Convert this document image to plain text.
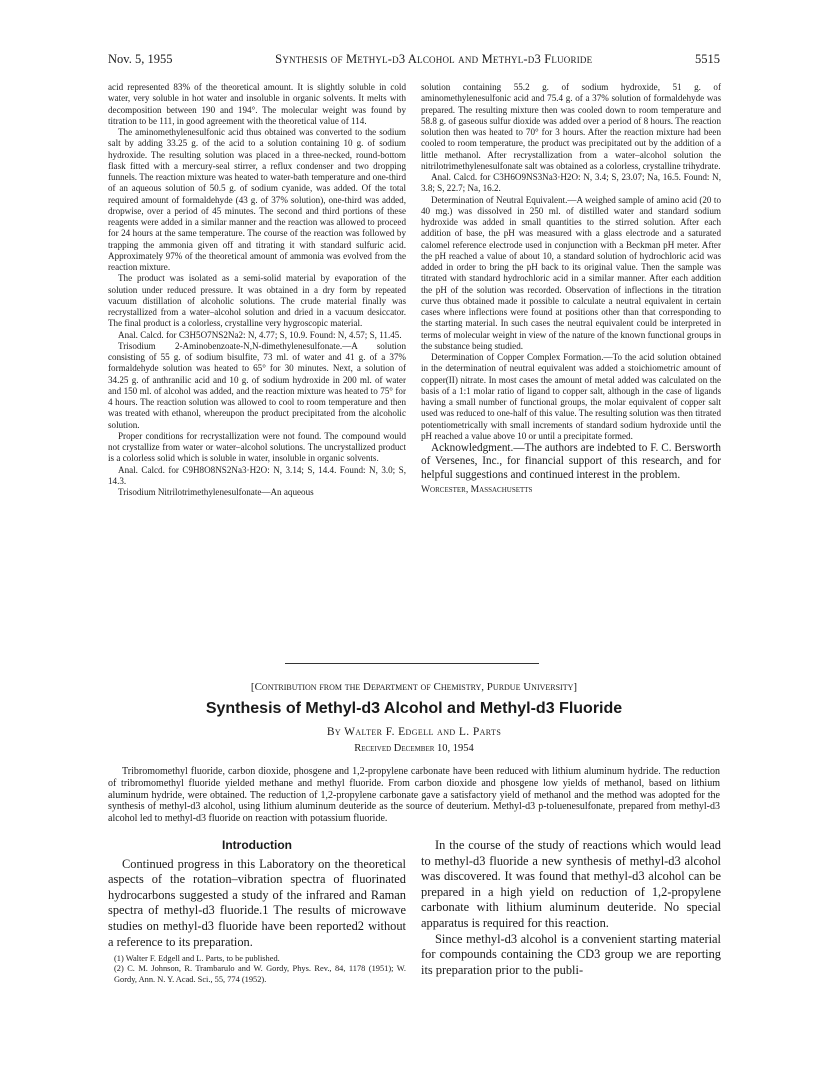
Nov. 5, 1955	Synthesis of Methyl-d3 Alcohol and Methyl-d3 Fluoride	5515

acid represented 83% of the theoretical amount. It is slightly soluble in cold water, very soluble in hot water and insoluble in organic solvents. It melts with decomposition between 190 and 194°. The molecular weight was found by titration to be 111, in good agreement with the theoretical value of 114.

The aminomethylenesulfonic acid thus obtained was converted to the sodium salt by adding 33.25 g. of the acid to a solution containing 10 g. of sodium hydroxide. The resulting solution was placed in a three-necked, round-bottom flask fitted with a mercury-seal stirrer, a reflux condenser and two dropping funnels. The reaction mixture was heated to water-bath temperature and one-third of an aqueous solution of 50.5 g. of sodium cyanide, was added. Of the total required amount of formaldehyde (43 g. of 37% solution), one-third was added, dropwise, over a period of 45 minutes. The second and third portions of these reagents were added in a similar manner and the reaction was allowed to proceed for 24 hours at the same temperature. The course of the reaction was followed by trapping the ammonia given off and titrating it with standard sulfuric acid. Approximately 97% of the theoretical amount of ammonia was evolved from the reaction mixture.

The product was isolated as a semi-solid material by evaporation of the solution under reduced pressure. It was obtained in a dry form by repeated vacuum distillation of alcoholic solutions. The crude material finally was recrystallized from a water–alcohol solution and dried in a vacuum desiccator. The final product is a colorless, crystalline very hygroscopic material.

Anal. Calcd. for C3H5O7NS2Na2: N, 4.77; S, 10.9. Found: N, 4.57; S, 11.45.

Trisodium 2-Aminobenzoate-N,N-dimethylenesulfonate.—A solution consisting of 55 g. of sodium bisulfite, 73 ml. of water and 41 g. of a 37% formaldehyde solution was heated to 65° for 30 minutes. Next, a solution of 34.25 g. of anthranilic acid and 10 g. of sodium hydroxide in 200 ml. of water and 150 ml. of alcohol was added, and the reaction mixture was heated to 75° for 4 hours. The reaction solution was allowed to cool to room temperature and then was treated with ethanol, whereupon the product precipitated from the alcoholic solution.

Proper conditions for recrystallization were not found. The compound would not crystallize from water or water–alcohol solutions. The uncrystallized product is a colorless solid which is soluble in water, insoluble in organic solvents.

Anal. Calcd. for C9H8O8NS2Na3·H2O: N, 3.14; S, 14.4. Found: N, 3.0; S, 14.3.

Trisodium Nitrilotrimethylenesulfonate—An aqueous

solution containing 55.2 g. of sodium hydroxide, 51 g. of aminomethylenesulfonic acid and 75.4 g. of a 37% solution of formaldehyde was prepared. The resulting mixture then was cooled down to room temperature and 58.8 g. of gaseous sulfur dioxide was added over a period of 8 hours. The reaction solution then was heated to 70° for 3 hours. After the reaction mixture had been cooled to room temperature, the product was precipitated out by the addition of a little methanol. After recrystallization from a water–alcohol solution the nitrilotrimethylenesulfonate salt was obtained as a colorless, crystalline trihydrate.

Anal. Calcd. for C3H6O9NS3Na3·H2O: N, 3.4; S, 23.07; Na, 16.5. Found: N, 3.8; S, 22.7; Na, 16.2.

Determination of Neutral Equivalent.—A weighed sample of amino acid (20 to 40 mg.) was dissolved in 250 ml. of distilled water and standard sodium hydroxide was added in small quantities to the stirred solution. After each addition of base, the pH was measured with a glass electrode and a saturated calomel reference electrode used in conjunction with a Beckman pH meter. After the pH reached a value of about 10, a standard solution of hydrochloric acid was added in order to bring the pH back to its original value. Then the sample was titrated with standard hydrochloric acid in a similar manner. After each addition the pH of the solution was recorded. Observation of inflections in the titration curve thus obtained made it possible to calculate a neutral equivalent in certain cases where inflections were found at positions other than that corresponding to the starting material. In such cases the neutral equivalent could be interpreted in terms of molecular weight in view of the nature of the known functional groups in the substance being studied.

Determination of Copper Complex Formation.—To the acid solution obtained in the determination of neutral equivalent was added a stoichiometric amount of copper(II) nitrate. In most cases the amount of metal added was calculated on the basis of a 1:1 molar ratio of ligand to copper salt, although in the case of ligands having a small number of functional groups, the molar equivalent of copper salt used was reduced to one-half of this value. The resulting solution was then titrated potentiometrically with small increments of standard sodium hydroxide until the pH reached a value above 10 or until a precipitate formed.

Acknowledgment.—The authors are indebted to F. C. Bersworth of Versenes, Inc., for financial support of this research, and for helpful suggestions and continued interest in the problem.

Worcester, Massachusetts

[Contribution from the Department of Chemistry, Purdue University]
Synthesis of Methyl-d3 Alcohol and Methyl-d3 Fluoride
By Walter F. Edgell and L. Parts
Received December 10, 1954

Tribromomethyl fluoride, carbon dioxide, phosgene and 1,2-propylene carbonate have been reduced with lithium aluminum hydride. The reduction of tribromomethyl fluoride yielded methane and methyl fluoride. From carbon dioxide and phosgene low yields of methanol, based on lithium aluminum hydride, were obtained. The reduction of 1,2-propylene carbonate gave a satisfactory yield of methanol and the method was adopted for the synthesis of methyl-d3 alcohol, using lithium aluminum deuteride as the source of deuterium. Methyl-d3 p-toluenesulfonate, prepared from methyl-d3 alcohol led to methyl-d3 fluoride on reaction with potassium fluoride.

Introduction

Continued progress in this Laboratory on the theoretical aspects of the rotation–vibration spectra of fluorinated hydrocarbons suggested a study of the infrared and Raman spectra of methyl-d3 fluoride.1 The results of microwave studies on methyl-d3 fluoride have been reported2 without a reference to its preparation.

(1) Walter F. Edgell and L. Parts, to be published.

(2) C. M. Johnson, R. Trambarulo and W. Gordy, Phys. Rev., 84, 1178 (1951); W. Gordy, Ann. N. Y. Acad. Sci., 55, 774 (1952).

In the course of the study of reactions which would lead to methyl-d3 fluoride a new synthesis of methyl-d3 alcohol was discovered. It was found that methyl-d3 alcohol can be prepared in a high yield on reduction of 1,2-propylene carbonate with lithium aluminum deuteride. No special apparatus is required for this reaction.

Since methyl-d3 alcohol is a convenient starting material for compounds containing the CD3 group we are reporting its preparation prior to the publi-
